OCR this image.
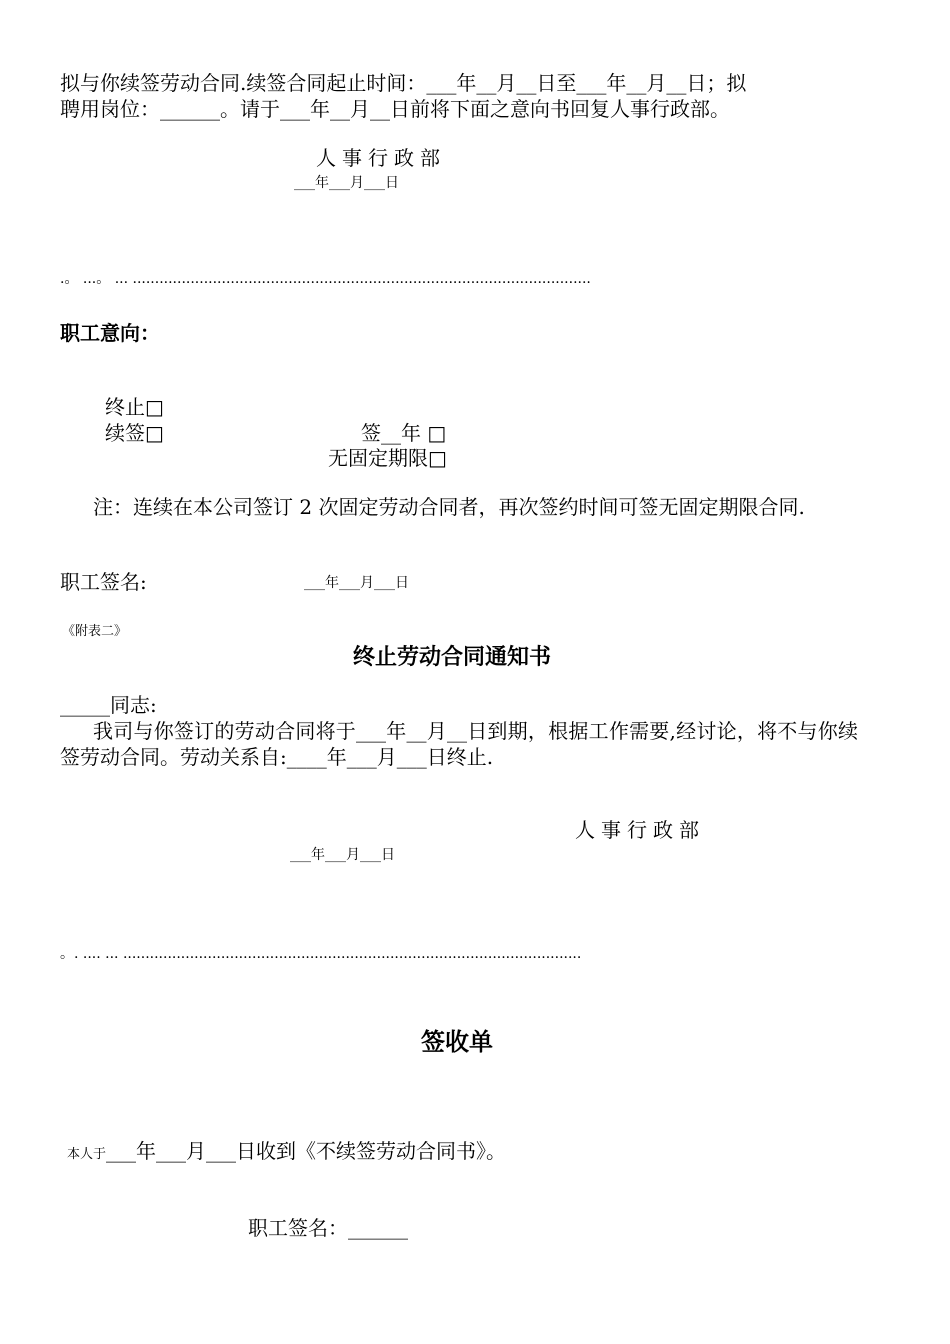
拟与你续签劳动合同.续签合同起止时间：___年__月__日至___年__月__日；拟
聘用岗位：______。请于___年__月__日前将下面之意向书回复人事行政部。
人事行政部
___年___月___日
.。 ...。 ... .......................................................................................................
职工意向：
终止□
续签□	签__年 □
无固定期限□
注：连续在本公司签订 2 次固定劳动合同者，再次签约时间可签无固定期限合同.
职工签名:	___年___月___日
《附表二》
终止劳动合同通知书
_____同志:
我司与你签订的劳动合同将于___年__月__日到期，根据工作需要,经讨论，将不与你续签劳动合同。劳动关系自:____年___月___日终止.
人事行政部
___年___月___日
。. .... ... .......................................................................................................
签收单
本人于___年___月___日收到《不续签劳动合同书》。
职工签名：______
